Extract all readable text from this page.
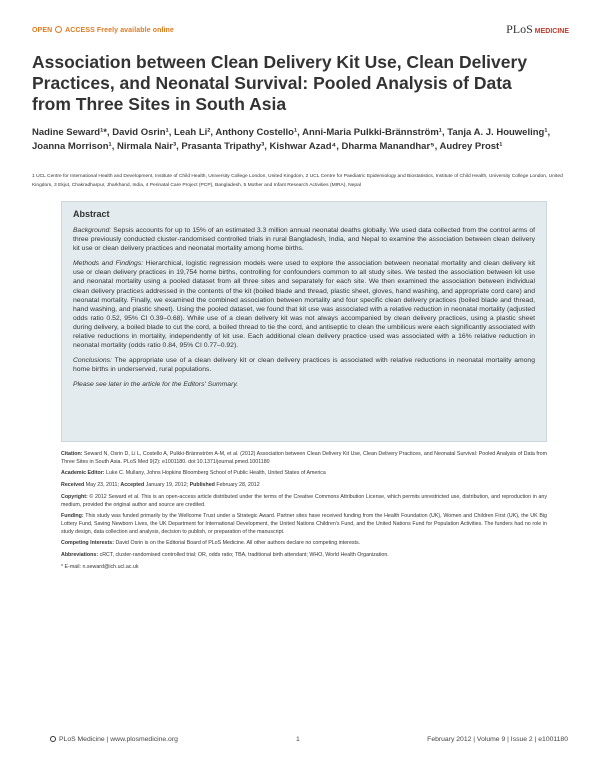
OPEN ACCESS Freely available online	PLoS MEDICINE
Association between Clean Delivery Kit Use, Clean Delivery Practices, and Neonatal Survival: Pooled Analysis of Data from Three Sites in South Asia
Nadine Seward¹*, David Osrin¹, Leah Li², Anthony Costello¹, Anni-Maria Pulkki-Brännström¹, Tanja A. J. Houweling¹, Joanna Morrison¹, Nirmala Nair³, Prasanta Tripathy³, Kishwar Azad⁴, Dharma Manandhar⁵, Audrey Prost¹
1 UCL Centre for International Health and Development, Institute of Child Health, University College London, United Kingdom, 2 UCL Centre for Paediatric Epidemiology and Biostatistics, Institute of Child Health, University College London, United Kingdom, 3 Ekjut, Chakradharpur, Jharkhand, India, 4 Perinatal Care Project (PCP), Bangladesh, 5 Mother and Infant Research Activities (MIRA), Nepal
Abstract

Background: Sepsis accounts for up to 15% of an estimated 3.3 million annual neonatal deaths globally. We used data collected from the control arms of three previously conducted cluster-randomised controlled trials in rural Bangladesh, India, and Nepal to examine the association between clean delivery kit use or clean delivery practices and neonatal mortality among home births.

Methods and Findings: Hierarchical, logistic regression models were used to explore the association between neonatal mortality and clean delivery kit use or clean delivery practices in 19,754 home births, controlling for confounders common to all study sites. We tested the association between kit use and neonatal mortality using a pooled dataset from all three sites and separately for each site. We then examined the association between individual clean delivery practices addressed in the contents of the kit (boiled blade and thread, plastic sheet, gloves, hand washing, and appropriate cord care) and neonatal mortality. Finally, we examined the combined association between mortality and four specific clean delivery practices (boiled blade and thread, hand washing, and plastic sheet). Using the pooled dataset, we found that kit use was associated with a relative reduction in neonatal mortality (adjusted odds ratio 0.52, 95% CI 0.39–0.68). While use of a clean delivery kit was not always accompanied by clean delivery practices, using a plastic sheet during delivery, a boiled blade to cut the cord, a boiled thread to tie the cord, and antiseptic to clean the umbilicus were each significantly associated with relative reductions in mortality, independently of kit use. Each additional clean delivery practice used was associated with a 16% relative reduction in neonatal mortality (odds ratio 0.84, 95% CI 0.77–0.92).

Conclusions: The appropriate use of a clean delivery kit or clean delivery practices is associated with relative reductions in neonatal mortality among home births in underserved, rural populations.

Please see later in the article for the Editors' Summary.

Citation: Seward N, Osrin D, Li L, Costello A, Pulkki-Brännström A-M, et al. (2012) Association between Clean Delivery Kit Use, Clean Delivery Practices, and Neonatal Survival: Pooled Analysis of Data from Three Sites in South Asia. PLoS Med 9(2): e1001180. doi:10.1371/journal.pmed.1001180

Academic Editor: Luke C. Mullany, Johns Hopkins Bloomberg School of Public Health, United States of America

Received May 23, 2011; Accepted January 19, 2012; Published February 28, 2012

Copyright: © 2012 Seward et al. This is an open-access article distributed under the terms of the Creative Commons Attribution License, which permits unrestricted use, distribution, and reproduction in any medium, provided the original author and source are credited.

Funding: This study was funded primarily by the Wellcome Trust under a Strategic Award. Partner sites have received funding from the Health Foundation (UK), Women and Children First (UK), the UK Big Lottery Fund, Saving Newborn Lives, the UK Department for International Development, the United Nations Children's Fund, and the United Nations Fund for Population Activities. The funders had no role in study design, data collection and analysis, decision to publish, or preparation of the manuscript.

Competing Interests: David Osrin is on the Editorial Board of PLoS Medicine. All other authors declare no competing interests.

Abbreviations: cRCT, cluster-randomised controlled trial; OR, odds ratio; TBA, traditional birth attendant; WHO, World Health Organization.

* E-mail: n.seward@ich.ucl.ac.uk

PLoS Medicine | www.plosmedicine.org	1	February 2012 | Volume 9 | Issue 2 | e1001180
